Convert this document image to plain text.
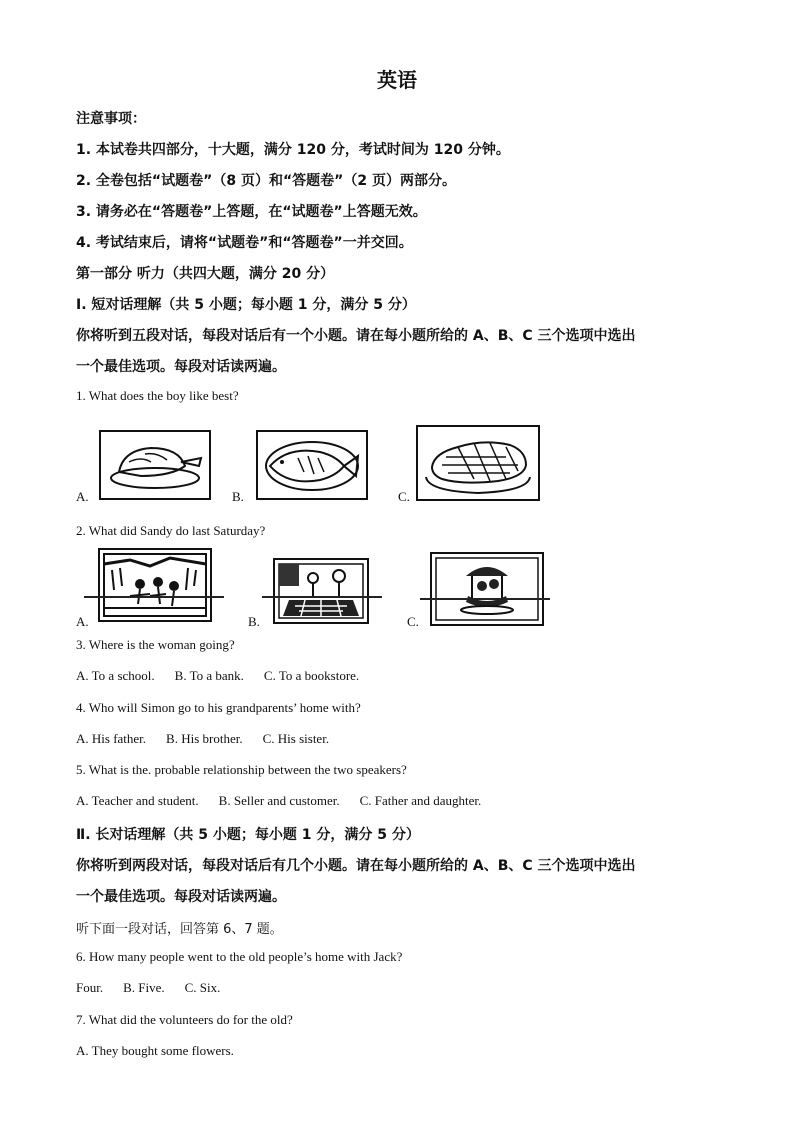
英语
注意事项：
1. 本试卷共四部分，十大题，满分 120 分，考试时间为 120 分钟。
2. 全卷包括“试题卷”（8 页）和“答题卷”（2 页）两部分。
3. 请务必在“答题卷”上答题，在“试题卷”上答题无效。
4. 考试结束后，请将“试题卷”和“答题卷”一并交回。
第一部分 听力（共四大题，满分 20 分）
Ⅰ. 短对话理解（共 5 小题；每小题 1 分，满分 5 分）
你将听到五段对话，每段对话后有一个小题。请在每小题所给的 A、B、C 三个选项中选出
一个最佳选项。每段对话读两遍。
1. What does the boy like best?
A.	B.	C.
2. What did Sandy do last Saturday?
A.	B.	C.
3. Where is the woman going?
A. To a school. B. To a bank. C. To a bookstore.
4. Who will Simon go to his grandparents’ home with?
A. His father. B. His brother. C. His sister.
5. What is the. probable relationship between the two speakers?
A. Teacher and student. B. Seller and customer. C. Father and daughter.
Ⅱ. 长对话理解（共 5 小题；每小题 1 分，满分 5 分）
你将听到两段对话，每段对话后有几个小题。请在每小题所给的 A、B、C 三个选项中选出
一个最佳选项。每段对话读两遍。
听下面一段对话，回答第 6、7 题。
6. How many people went to the old people’s home with Jack?
Four. B. Five. C. Six.
7. What did the volunteers do for the old?
A. They bought some flowers.
